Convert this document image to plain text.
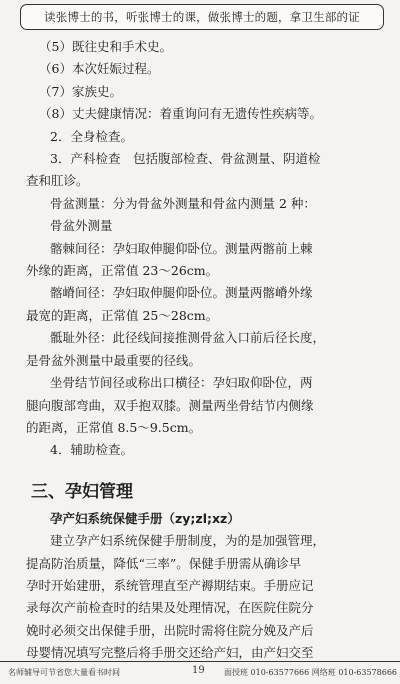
读张博士的书，听张博士的课，做张博士的题，拿卫生部的证

（5）既往史和手术史。

（6）本次妊娠过程。

（7）家族史。

（8）丈夫健康情况：着重询问有无遗传性疾病等。

2．全身检查。

3．产科检查　包括腹部检查、骨盆测量、阴道检

查和肛诊。

骨盆测量：分为骨盆外测量和骨盆内测量 2 种：

骨盆外测量

髂棘间径：孕妇取伸腿仰卧位。测量两髂前上棘

外缘的距离，正常值 23～26cm。

髂嵴间径：孕妇取伸腿仰卧位。测量两髂嵴外缘

最宽的距离，正常值 25～28cm。

骶耻外径：此径线间接推测骨盆入口前后径长度，

是骨盆外测量中最重要的径线。

坐骨结节间径或称出口横径：孕妇取仰卧位，两

腿向腹部弯曲，双手抱双膝。测量两坐骨结节内侧缘

的距离，正常值 8.5～9.5cm。

4．辅助检查。

三、孕妇管理

孕产妇系统保健手册（zy;zl;xz）

建立孕产妇系统保健手册制度，为的是加强管理，

提高防治质量，降低“三率”。保健手册需从确诊早

孕时开始建册，系统管理直至产褥期结束。手册应记

录每次产前检查时的结果及处理情况，在医院住院分

娩时必须交出保健手册，出院时需将住院分娩及产后

母婴情况填写完整后将手册交还给产妇，由产妇交至

名师辅导可节省您大量看书时间	19 面授班 010-63577666 网络班 010-63578666
